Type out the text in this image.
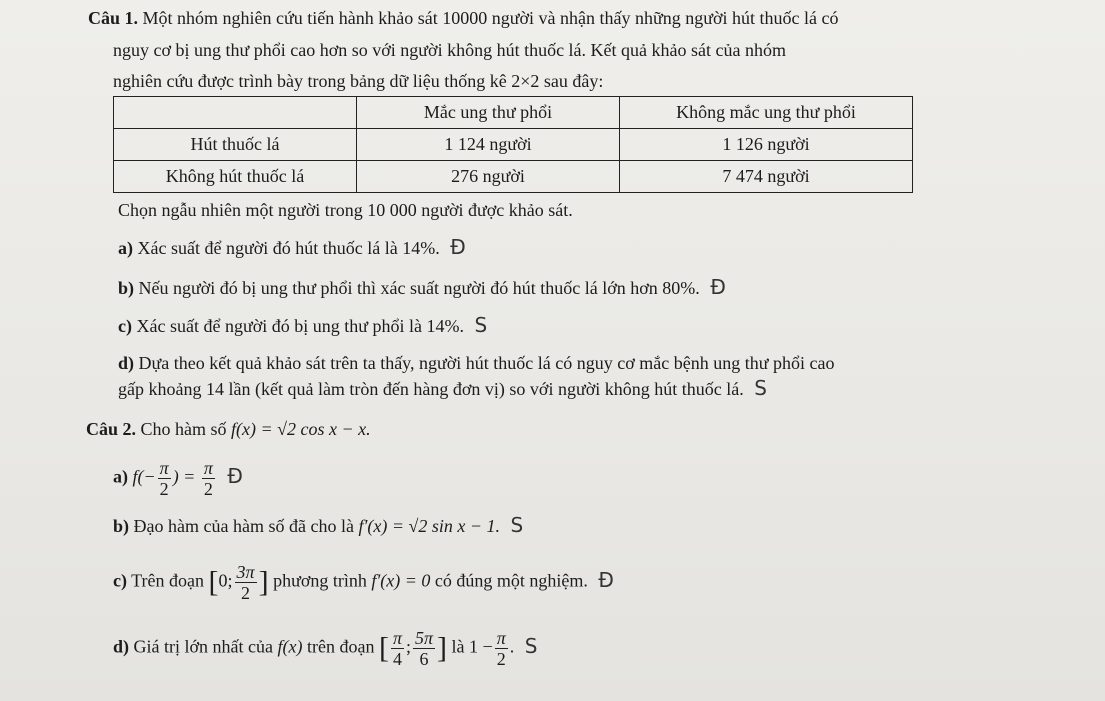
Câu 1. Một nhóm nghiên cứu tiến hành khảo sát 10000 người và nhận thấy những người hút thuốc lá có
nguy cơ bị ung thư phổi cao hơn so với người không hút thuốc lá. Kết quả khảo sát của nhóm
nghiên cứu được trình bày trong bảng dữ liệu thống kê 2×2 sau đây:
	Mắc ung thư phổi	Không mắc ung thư phổi
Hút thuốc lá	1 124 người	1 126 người
Không hút thuốc lá	276 người	7 474 người
Chọn ngẫu nhiên một người trong 10 000 người được khảo sát.
a) Xác suất để người đó hút thuốc lá là 14%. Đ
b) Nếu người đó bị ung thư phổi thì xác suất người đó hút thuốc lá lớn hơn 80%. Đ
c) Xác suất để người đó bị ung thư phổi là 14%. S
d) Dựa theo kết quả khảo sát trên ta thấy, người hút thuốc lá có nguy cơ mắc bệnh ung thư phổi cao
gấp khoảng 14 lần (kết quả làm tròn đến hàng đơn vị) so với người không hút thuốc lá. S
Câu 2. Cho hàm số f(x) = √2 cos x − x.
a) $f(- \frac{\pi}{2}$ ) = $\frac{\pi}{2}$ Đ
b) Đạo hàm của hàm số đã cho là f′(x) = √2 sin x − 1. S
c) Trên đoạn [0; $\frac{3\pi}{2}$ ] phương trình f′(x) = 0 có đúng một nghiệm. Đ
d) Giá trị lớn nhất của f(x) trên đoạn [ $\frac{\pi}{4}$ ; $\frac{5\pi}{6}$ ] là $1 - \frac{\pi}{2}$ . S
